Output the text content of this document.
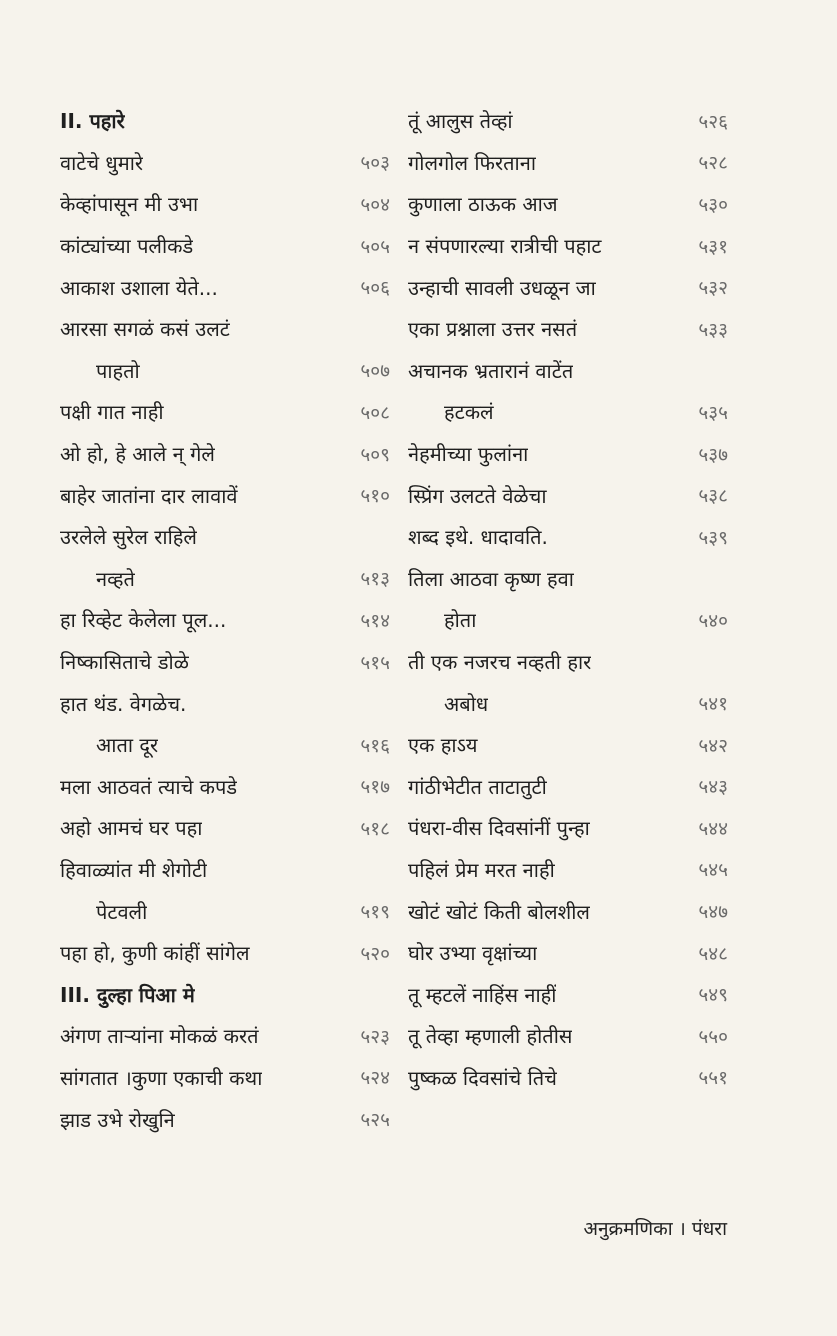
II. पहारे
वाटेचे धुमारे	५०३
केव्हांपासून मी उभा	५०४
कांट्यांच्या पलीकडे	५०५
आकाश उशाला येते...	५०६
आरसा सगळं कसं उलटं
पाहतो	५०७
पक्षी गात नाही	५०८
ओ हो, हे आले न् गेले	५०९
बाहेर जातांना दार लावावें	५१०
उरलेले सुरेल राहिले
नव्हते	५१३
हा रिव्हेट केलेला पूल...	५१४
निष्कासिताचे डोळे	५१५
हात थंड. वेगळेच.
आता दूर	५१६
मला आठवतं त्याचे कपडे	५१७
अहो आमचं घर पहा	५१८
हिवाळ्यांत मी शेगोटी
पेटवली	५१९
पहा हो, कुणी कांहीं सांगेल	५२०
III. दुल्हा पिआ मे
अंगण ताऱ्यांना मोकळं करतं	५२३
सांगतात ।कुणा एकाची कथा	५२४
झाड उभे रोखुनि	५२५
तूं आलुस तेव्हां	५२६
गोलगोल फिरताना	५२८
कुणाला ठाऊक आज	५३०
न संपणारल्या रात्रीची पहाट	५३१
उन्हाची सावली उधळून जा	५३२
एका प्रश्नाला उत्तर नसतं	५३३
अचानक भ्रतारानं वाटेंत
हटकलं	५३५
नेहमीच्या फुलांना	५३७
स्प्रिंग उलटते वेळेचा	५३८
शब्द इथे. धादावति.	५३९
तिला आठवा कृष्ण हवा
होता	५४०
ती एक नजरच नव्हती हार
अबोध	५४१
एक हाऽय	५४२
गांठीभेटीत ताटातुटी	५४३
पंधरा-वीस दिवसांनीं पुन्हा	५४४
पहिलं प्रेम मरत नाही	५४५
खोटं खोटं किती बोलशील	५४७
घोर उभ्या वृक्षांच्या	५४८
तू म्हटलें नाहिंस नाहीं	५४९
तू तेव्हा म्हणाली होतीस	५५०
पुष्कळ दिवसांचे तिचे	५५१
अनुक्रमणिका । पंधरा
